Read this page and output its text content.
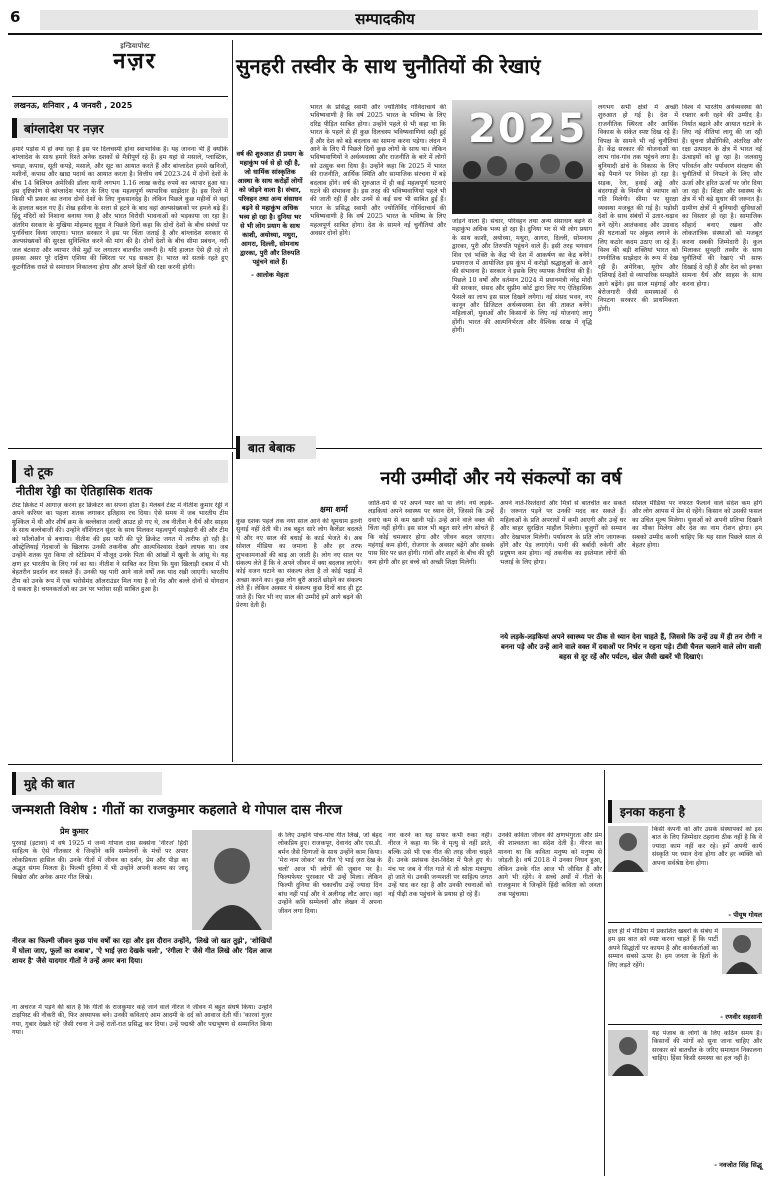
6	सम्पादकीय
इन्डियापोस्ट
नज़र
लखनऊ, शनिवार , 4 जनवरी , 2025
सुनहरी तस्वीर के साथ चुनौतियों की रेखाएं
बांग्लादेश पर नज़र
हमारे पड़ोस में हो क्या रहा है इस पर दिलचस्पी होना स्वाभाविक है। यह जानना भी है क्योंकि बांग्लादेश के साथ हमारे रिश्ते अनेक दशकों से मैत्रीपूर्ण रहे हैं। हम यहां से मसाले, प्लास्टिक, चमड़ा, कपास, सूती कपड़े, मसाले, और सूट का आयात करते हैं और बांग्लादेश हमसे खनिजों, मशीनों, कपास और खाद्य पदार्थ का आयात करता है। वित्तीय वर्ष 2023-24 में दोनों देशों के बीच 14 बिलियन अमेरिकी डॉलर यानी लगभग 1.16 लाख करोड़ रुपये का व्यापार हुआ था। इस दृष्टिकोण से बांग्लादेश भारत के लिए एक महत्वपूर्ण व्यापारिक साझेदार है। इस रिश्ते में किसी भी प्रकार का तनाव दोनों देशों के लिए नुकसानदेह है। लेकिन पिछले कुछ महीनों से वहां के हालात बदल गए हैं। शेख हसीना के सत्ता से हटने के बाद वहां अल्पसंख्यकों पर हमले बढ़े हैं। हिंदू मंदिरों को निशाना बनाया गया है और भारत विरोधी भावनाओं को भड़काया जा रहा है। अंतरिम सरकार के मुखिया मोहम्मद यूनुस ने पिछले दिनों कहा कि दोनों देशों के बीच संबंधों पर पुनर्विचार किया जाएगा। भारत सरकार ने इस पर चिंता जताई है और बांग्लादेश सरकार से अल्पसंख्यकों की सुरक्षा सुनिश्चित करने की मांग की है। दोनों देशों के बीच सीमा प्रबंधन, नदी जल बंटवारा और व्यापार जैसे मुद्दों पर लगातार बातचीत जरूरी है। यदि हालात ऐसे ही रहे तो इसका असर पूरे दक्षिण एशिया की स्थिरता पर पड़ सकता है। भारत को सतर्क रहते हुए कूटनीतिक रास्ते से समाधान निकालना होगा और अपने हितों की रक्षा करनी होगी।
वर्ष की शुरुआत ही प्रयाग के महाकुंभ पर्व से हो रही है, जो धार्मिक सांस्कृतिक आस्था के साथ करोड़ों लोगों को जोड़ने वाला है। संचार, परिवहन तथा अन्य संसाधन बढ़ने से महाकुंभ अधिक भव्य हो रहा है। दुनिया भर से भी लोग प्रयाग के साथ काशी, अयोध्या, मथुरा, आगरा, दिल्ली, सोमनाथ द्वारका, पुरी और तिरुपति पहुंचने वाले हैं।
- आलोक मेहता
भारत के प्रसिद्ध स्वामी और ज्योतिर्विद गोविंदाचार्य की भविष्यवाणी है कि वर्ष 2025 भारत के भविष्य के लिए दरिद्र पीड़ित साबित होगा। उन्होंने पहले से भी कहा था कि भारत के पहले से ही कुछ दिलचस्प भविष्यवाणियां सही हुई हैं और देश को बड़े बदलाव का सामना करना पड़ेगा। लंदन में आने के लिए मैं पिछले दिनों कुछ लोगों के साथ था। लेकिन भविष्यवाणियों ने अर्थव्यवस्था और राजनीति के बारे में लोगों को उत्सुक बना दिया है। उन्होंने कहा कि 2025 में भारत की राजनीति, आर्थिक स्थिति और सामाजिक संरचना में बड़े बदलाव होंगे। वर्ष की शुरुआत में ही कई महत्वपूर्ण घटनाएं घटने की संभावना है। इस तरह की भविष्यवाणियां पहले भी की जाती रही हैं और उनमें से कई सच भी साबित हुई हैं। भारत के प्रसिद्ध स्वामी और ज्योतिर्विद गोविंदाचार्य की भविष्यवाणी है कि वर्ष 2025 भारत के भविष्य के लिए महत्वपूर्ण साबित होगा। देश के सामने नई चुनौतियां और अवसर दोनों होंगे।
2025
जोड़ने वाला है। संचार, परिवहन तथा अन्य संसाधन बढ़ने से महाकुंभ अधिक भव्य हो रहा है। दुनिया भर से भी लोग प्रयाग के साथ काशी, अयोध्या, मथुरा, आगरा, दिल्ली, सोमनाथ द्वारका, पुरी और तिरुपति पहुंचने वाले हैं। इसी तरह भगवान शिव एवं भक्ति के केंद्र भी देश में आकर्षण का केंद्र बनेंगे। प्रयागराज में आयोजित इस कुंभ में करोड़ों श्रद्धालुओं के आने की संभावना है। सरकार ने इसके लिए व्यापक तैयारियां की हैं। पिछले 10 वर्षों और वर्तमान 2024 में प्रधानमंत्री नरेंद्र मोदी की सरकार, संसद और सुप्रीम कोर्ट द्वारा लिए गए ऐतिहासिक फैसले का लाभ इस साल दिखने लगेगा। नई संसद भवन, नए कानून और डिजिटल अर्थव्यवस्था देश की ताकत बनेंगे। महिलाओं, युवाओं और किसानों के लिए नई योजनाएं लागू होंगी। भारत की आत्मनिर्भरता और वैश्विक साख में वृद्धि होगी।
लगभग सभी क्षेत्रों में अच्छी शुरुआत हो गई है। देश में राजनीतिक स्थिरता और आर्थिक विकास के संकेत स्पष्ट दिख रहे हैं। विपक्ष के सामने भी नई चुनौतियां हैं। केंद्र सरकार की योजनाओं का लाभ गांव-गांव तक पहुंचने लगा है। बुनियादी ढांचे के विकास के लिए बड़े पैमाने पर निवेश हो रहा है। सड़क, रेल, हवाई अड्डे और बंदरगाहों के निर्माण से व्यापार को गति मिलेगी। सीमा पर सुरक्षा व्यवस्था मजबूत की गई है। पड़ोसी देशों के साथ संबंधों में उतार-चढ़ाव बने रहेंगे। आतंकवाद और उग्रवाद की घटनाओं पर अंकुश लगाने के लिए कठोर कदम उठाए जा रहे हैं। विश्व की बड़ी शक्तियां भारत को रणनीतिक साझेदार के रूप में देख रही हैं। अमेरिका, यूरोप और एशियाई देशों से व्यापारिक समझौते आगे बढ़ेंगे। इस साल महंगाई और बेरोजगारी जैसी समस्याओं से निपटना सरकार की प्राथमिकता होगी।
विश्व में भारतीय अर्थव्यवस्था की रफ्तार बनी रहने की उम्मीद है। निर्यात बढ़ाने और आयात घटाने के लिए नई नीतियां लागू की जा रही हैं। सूचना प्रौद्योगिकी, अंतरिक्ष और रक्षा उत्पादन के क्षेत्र में भारत नई ऊंचाइयों को छू रहा है। जलवायु परिवर्तन और पर्यावरण संरक्षण की चुनौतियों से निपटने के लिए सौर ऊर्जा और हरित ऊर्जा पर जोर दिया जा रहा है। शिक्षा और स्वास्थ्य के क्षेत्र में भी बड़े सुधार की जरूरत है। ग्रामीण क्षेत्रों में बुनियादी सुविधाओं का विस्तार हो रहा है। सामाजिक सौहार्द बनाए रखना और लोकतांत्रिक संस्थाओं को मजबूत करना सबकी जिम्मेदारी है। कुल मिलाकर सुनहरी तस्वीर के साथ चुनौतियों की रेखाएं भी साफ दिखाई दे रही हैं और देश को इनका सामना धैर्य और साहस के साथ करना होगा।
दो टूक
नीतीश रेड्डी का ऐतिहासिक शतक
टेस्ट क्रिकेट में आगाज़ करना हर क्रिकेटर का सपना होता है। मेलबर्न टेस्ट में नीतीश कुमार रेड्डी ने अपने करियर का पहला शतक लगाकर इतिहास रच दिया। ऐसे समय में जब भारतीय टीम मुश्किल में थी और शीर्ष क्रम के बल्लेबाज जल्दी आउट हो गए थे, तब नीतीश ने धैर्य और साहस के साथ बल्लेबाजी की। उन्होंने वॉशिंगटन सुंदर के साथ मिलकर महत्वपूर्ण साझेदारी की और टीम को फॉलोऑन से बचाया। नीतीश की इस पारी की पूरे क्रिकेट जगत में तारीफ हो रही है। ऑस्ट्रेलियाई गेंदबाजों के खिलाफ उनकी तकनीक और आत्मविश्वास देखने लायक था। जब उन्होंने शतक पूरा किया तो स्टेडियम में मौजूद उनके पिता की आंखों में खुशी के आंसू थे। यह क्षण हर भारतीय के लिए गर्व का था। नीतीश ने साबित कर दिया कि युवा खिलाड़ी दबाव में भी बेहतरीन प्रदर्शन कर सकते हैं। उनकी यह पारी आने वाले वर्षों तक याद रखी जाएगी। भारतीय टीम को उनके रूप में एक भरोसेमंद ऑलराउंडर मिल गया है जो गेंद और बल्ले दोनों से योगदान दे सकता है। चयनकर्ताओं का उन पर भरोसा सही साबित हुआ है।
बात बेबाक
नयी उम्मीदों और नये संकल्पों का वर्ष
क्षमा शर्मा
कुछ दशक पहले तक नया साल आने की धूमधाम इतनी सुनाई नहीं देती थी। तब बहुत सारे लोग कैलेंडर बदलते थे और नए साल की बधाई के कार्ड भेजते थे। अब सोशल मीडिया का जमाना है और हर तरफ शुभकामनाओं की बाढ़ आ जाती है। लोग नए साल पर संकल्प लेते हैं कि वे अपने जीवन में क्या बदलाव लाएंगे। कोई वजन घटाने का संकल्प लेता है तो कोई पढ़ाई में अच्छा करने का। कुछ लोग बुरी आदतें छोड़ने का संकल्प लेते हैं। लेकिन अक्सर ये संकल्प कुछ दिनों बाद ही टूट जाते हैं। फिर भी नए साल की उम्मीदें हमें आगे बढ़ने की प्रेरणा देती हैं।
जाति-धर्म से परे अपने प्यार को पा लेंगे। नये लड़के-लड़कियां अपने स्वास्थ्य पर ध्यान देंगे, जिससे कि उन्हें दवाएं कम से कम खानी पड़ें। उन्हें आने वाले वक्त की चिंता नहीं होगी। इस साल भी बहुत सारे लोग सोचते हैं कि कोई चमत्कार होगा और जीवन बदल जाएगा। महंगाई कम होगी, रोजगार के अवसर बढ़ेंगे और सबके पास सिर पर छत होगी। गांवों और शहरों के बीच की दूरी कम होगी और हर बच्चे को अच्छी शिक्षा मिलेगी।
अपने नाते-रिश्तेदारों और मित्रों से बातचीत कर सकते हैं। जरूरत पड़ने पर उनकी मदद कर सकते हैं। महिलाओं के प्रति अपराधों में कमी आएगी और उन्हें घर और बाहर सुरक्षित माहौल मिलेगा। बुजुर्गों को सम्मान और देखभाल मिलेगी। पर्यावरण के प्रति लोग जागरूक होंगे और पेड़ लगाएंगे। पानी की बर्बादी रुकेगी और प्रदूषण कम होगा। नई तकनीक का इस्तेमाल लोगों की भलाई के लिए होगा।
सोशल मीडिया पर नफरत फैलाने वाले संदेश कम होंगे और लोग आपस में प्रेम से रहेंगे। किसान को उसकी फसल का उचित मूल्य मिलेगा। युवाओं को अपनी प्रतिभा दिखाने का मौका मिलेगा और देश का नाम रोशन होगा। हम सबको उम्मीद करनी चाहिए कि यह साल पिछले साल से बेहतर होगा।
नये लड़के-लड़कियां अपने स्वास्थ्य पर ठीक से ध्यान देना चाहते हैं, जिससे कि उन्हें उम्र में ही तन रोगी न बनना पड़े और उन्हें आने वाले वक्त में दवाओं पर निर्भर न रहना पड़े। टीवी चैनल चलाने वाले लोग वाली बहस से दूर रहें और पर्यटन, खेल जैसी खबरें भी दिखाएं।
मुद्दे की बात
जन्मशती विशेष : गीतों का राजकुमार कहलाते थे गोपाल दास नीरज
प्रेम कुमार
पुरवाई (इटावा) में वर्ष 1925 में जन्मे गोपाल दास सक्सेना 'नीरज' हिंदी साहित्य के ऐसे गीतकार थे जिन्होंने कवि सम्मेलनों के मंचों पर अपार लोकप्रियता हासिल की। उनके गीतों में जीवन का दर्शन, प्रेम और पीड़ा का अद्भुत संगम मिलता है। फिल्मी दुनिया में भी उन्होंने अपनी कलम का जादू बिखेरा और अनेक अमर गीत लिखे।
नीरज का फिल्मी जीवन कुछ पांच वर्षों का रहा और इस दौरान उन्होंने, 'लिखे जो खत तुझे', 'शोखियों में घोला जाए, फूलों का शबाब', 'ऐ भाई ज़रा देखके चलो', 'रंगीला रे' जैसे गीत लिखे और 'दिल आज शायर है' जैसे यादगार गीतों ने उन्हें अमर बना दिया।
ना अचरज में पड़ने की बात है कि गीतों के राजकुमार कहे जाने वाले नीरज ने जीवन में बहुत संघर्ष किया। उन्होंने टाइपिस्ट की नौकरी की, फिर अध्यापक बने। उनकी कविताएं आम आदमी के दर्द को आवाज देती थीं। 'कारवां गुज़र गया, गुबार देखते रहे' जैसी रचना ने उन्हें रातों-रात प्रसिद्ध कर दिया। उन्हें पद्मश्री और पद्मभूषण से सम्मानित किया गया।
के लिए उन्होंने पांच-पांच गीत लिखे, जो बेहद लोकप्रिय हुए। राजकपूर, देवानंद और एस.डी. बर्मन जैसे दिग्गजों के साथ उन्होंने काम किया। 'मेरा नाम जोकर' का गीत 'ऐ भाई ज़रा देख के चलो' आज भी लोगों की जुबान पर है। फिल्मफेयर पुरस्कार भी उन्हें मिला। लेकिन फिल्मी दुनिया की चकाचौंध उन्हें ज्यादा दिन बांध नहीं पाई और वे अलीगढ़ लौट आए। वहां उन्होंने कवि सम्मेलनों और लेखन में अपना जीवन लगा दिया।
नार करने का यह सफर कभी रुका नहीं। नीरज ने कहा था कि वे मृत्यु से नहीं डरते, बल्कि उसे भी एक गीत की तरह जीना चाहते हैं। उनके प्रशंसक देश-विदेश में फैले हुए थे। मंच पर जब वे गीत गाते थे तो श्रोता मंत्रमुग्ध हो जाते थे। उनकी जन्मशती पर साहित्य जगत उन्हें याद कर रहा है और उनकी रचनाओं को नई पीढ़ी तक पहुंचाने के प्रयास हो रहे हैं।
उनकी कविता जीवन की क्षणभंगुरता और प्रेम की शाश्वतता का संदेश देती है। नीरज का मानना था कि कविता मनुष्य को मनुष्य से जोड़ती है। वर्ष 2018 में उनका निधन हुआ, लेकिन उनके गीत आज भी जीवित हैं और आगे भी रहेंगे। वे सच्चे अर्थों में गीतों के राजकुमार थे जिन्होंने हिंदी कविता को जनता तक पहुंचाया।
इनका कहना है
किसी कंपनी को और उसके संस्थापकों को इस बात के लिए जिम्मेदार ठहराना ठीक नहीं है कि वे ज्यादा काम नहीं कर रहे। हमें अपनी कार्य संस्कृति पर ध्यान देना होगा और हर व्यक्ति को अपना सर्वश्रेष्ठ देना होगा।
- पीयूष गोयल
हाल ही में मीडिया में प्रकाशित खबरों के संबंध में हम इस बात को स्पष्ट करना चाहते हैं कि पार्टी अपने सिद्धांतों पर कायम है और कार्यकर्ताओं का सम्मान सबसे ऊपर है। हम जनता के हितों के लिए लड़ते रहेंगे।
- रणवीर सहसानी
यह पंजाब के लोगों के लिए कठिन समय है। किसानों की मांगों को सुना जाना चाहिए और सरकार को बातचीत के जरिए समाधान निकालना चाहिए। हिंसा किसी समस्या का हल नहीं है।
- नवजोत सिंह सिद्धू
